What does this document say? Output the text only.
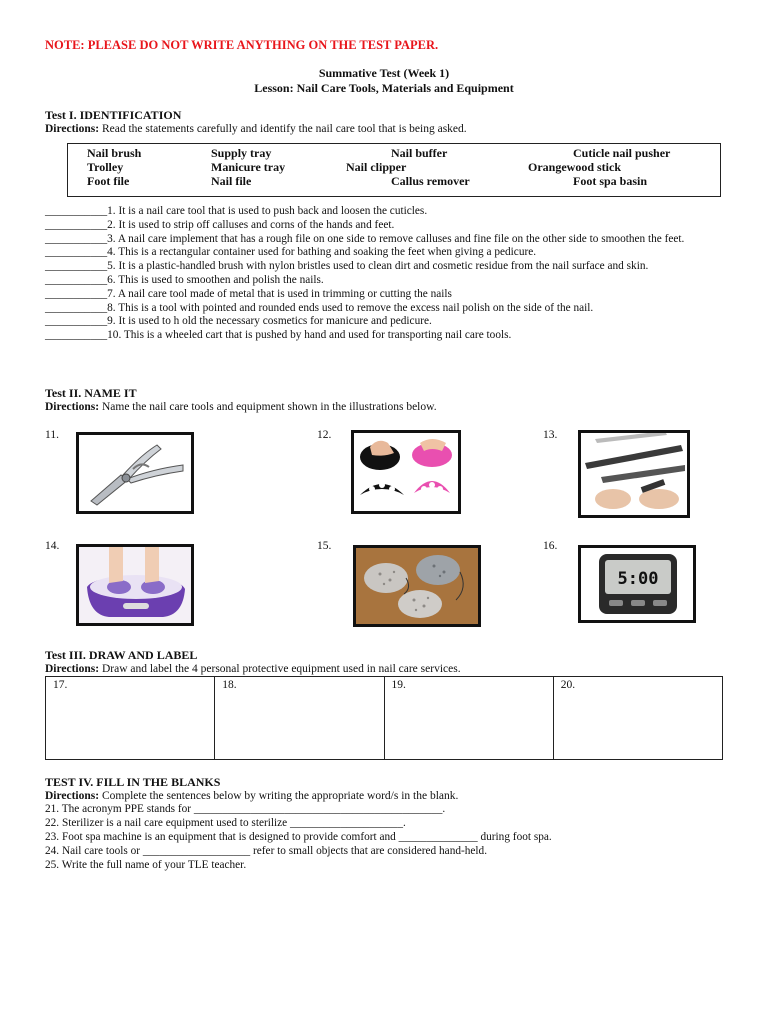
NOTE: PLEASE DO NOT WRITE ANYTHING ON THE TEST PAPER.
Summative Test (Week 1)
Lesson: Nail Care Tools, Materials and Equipment
Test I. IDENTIFICATION
Directions: Read the statements carefully and identify the nail care tool that is being asked.
Nail brush	Supply tray	Nail buffer	Cuticle nail pusher
Trolley	Manicure tray	Nail clipper	Orangewood stick
Foot file	Nail file	Callus remover	Foot spa basin
___________ 1. It is a nail care tool that is used to push back and loosen the cuticles.
___________ 2. It is used to strip off calluses and corns of the hands and feet.
___________ 3. A nail care implement that has a rough file on one side to remove calluses and fine file on the other side to smoothen the feet.
___________ 4. This is a rectangular container used for bathing and soaking the feet when giving a pedicure.
___________ 5. It is a plastic-handled brush with nylon bristles used to clean dirt and cosmetic residue from the nail surface and skin.
___________ 6. This is used to smoothen and polish the nails.
___________ 7. A nail care tool made of metal that is used in trimming or cutting the nails
___________ 8. This is a tool with pointed and rounded ends used to remove the excess nail polish on the side of the nail.
___________ 9. It is used to h old the necessary cosmetics for manicure and pedicure.
___________ 10. This is a wheeled cart that is pushed by hand and used for transporting nail care tools.
Test II. NAME IT
Directions: Name the nail care tools and equipment shown in the illustrations below.
11.	12.	13.
14.	15.	16.
5:00
Test III. DRAW AND LABEL
Directions: Draw and label the 4 personal protective equipment used in nail care services.
17.	18.	19.	20.
TEST IV. FILL IN THE BLANKS
Directions: Complete the sentences below by writing the appropriate word/s in the blank.
21. The acronym PPE stands for ____________________________________________.
22. Sterilizer is a nail care equipment used to sterilize ____________________.
23. Foot spa machine is an equipment that is designed to provide comfort and ______________ during foot spa.
24. Nail care tools or ___________________ refer to small objects that are considered hand-held.
25. Write the full name of your TLE teacher.
